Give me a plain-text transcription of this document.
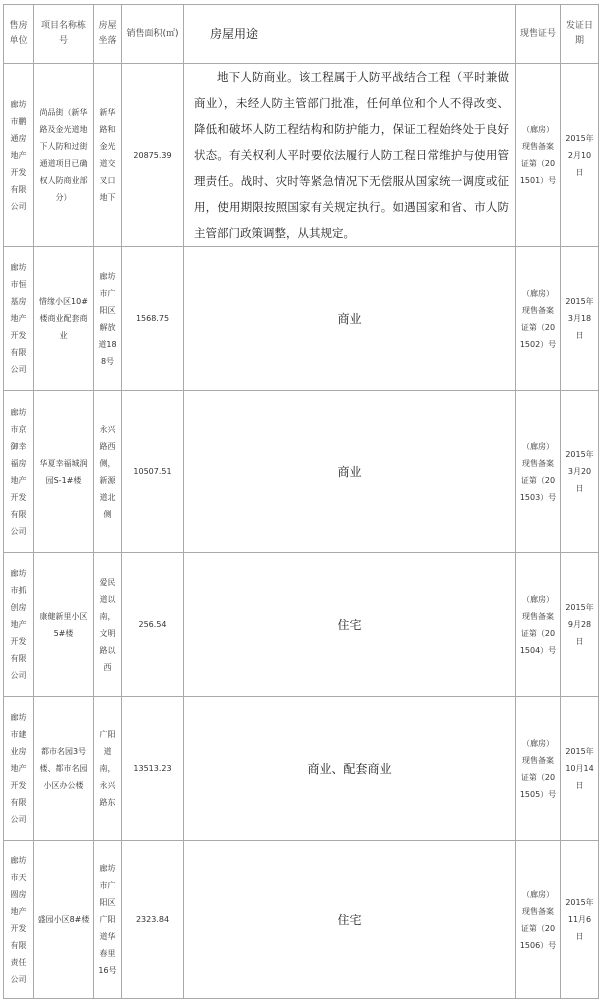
售房单位	项目名称栋号	房屋坐落	销售面积(㎡)	房屋用途	现售证号	发证日期
廊坊市鹏通房地产开发有限公司	尚品街（新华路及金光道地下人防和过街通道项目已确权人防商业部分）	新华路和金光道交叉口地下	20875.39	地下人防商业。该工程属于人防平战结合工程（平时兼做商业），未经人防主管部门批准，任何单位和个人不得改变、降低和破坏人防工程结构和防护能力，保证工程始终处于良好状态。有关权利人平时要依法履行人防工程日常维护与使用管理责任。战时、灾时等紧急情况下无偿服从国家统一调度或征用，使用期限按照国家有关规定执行。如遇国家和省、市人防主管部门政策调整，从其规定。	（廊房）现售备案证第（201501）号	2015年2月10日
廊坊市恒基房地产开发有限公司	惜缘小区10#楼商业配套商业	廊坊市广阳区解放道188号	1568.75	商业	（廊房）现售备案证第（201502）号	2015年3月18日
廊坊市京御幸福房地产开发有限公司	华夏幸福城润园S-1#楼	永兴路西侧，新源道北侧	10507.51	商业	（廊房）现售备案证第（201503）号	2015年3月20日
廊坊市抓创房地产开发有限公司	康健新里小区5#楼	爱民道以南，文明路以西	256.54	住宅	（廊房）现售备案证第（201504）号	2015年9月28日
廊坊市建业房地产开发有限公司	都市名园3号楼、都市名园小区办公楼	广阳道南，永兴路东	13513.23	商业、配套商业	（廊房）现售备案证第（201505）号	2015年10月14日
廊坊市天圆房地产开发有限责任公司	盛园小区8#楼	廊坊市广阳区广阳道华春里16号	2323.84	住宅	（廊房）现售备案证第（201506）号	2015年11月6日
